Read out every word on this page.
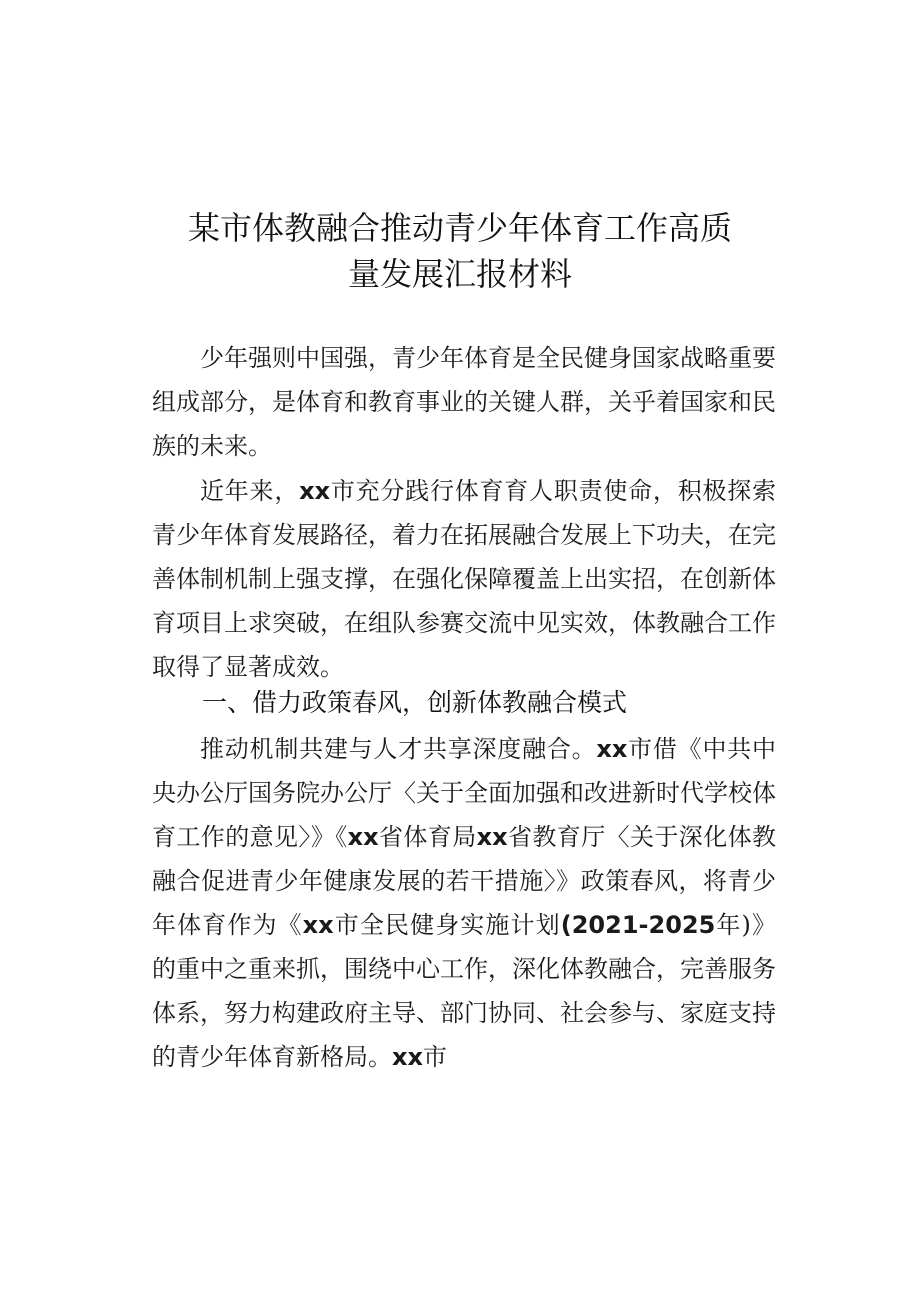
某市体教融合推动青少年体育工作高质
量发展汇报材料

少年强则中国强，青少年体育是全民健身国家战略重要组成部分，是体育和教育事业的关键人群，关乎着国家和民族的未来。

近年来，xx市充分践行体育育人职责使命，积极探索青少年体育发展路径，着力在拓展融合发展上下功夫，在完善体制机制上强支撑，在强化保障覆盖上出实招，在创新体育项目上求突破，在组队参赛交流中见实效，体教融合工作取得了显著成效。

一、借力政策春风，创新体教融合模式

推动机制共建与人才共享深度融合。xx市借《中共中央办公厅国务院办公厅〈关于全面加强和改进新时代学校体育工作的意见〉》《xx省体育局xx省教育厅〈关于深化体教融合促进青少年健康发展的若干措施〉》政策春风，将青少年体育作为《xx市全民健身实施计划(2021-2025年)》的重中之重来抓，围绕中心工作，深化体教融合，完善服务体系，努力构建政府主导、部门协同、社会参与、家庭支持的青少年体育新格局。xx市
